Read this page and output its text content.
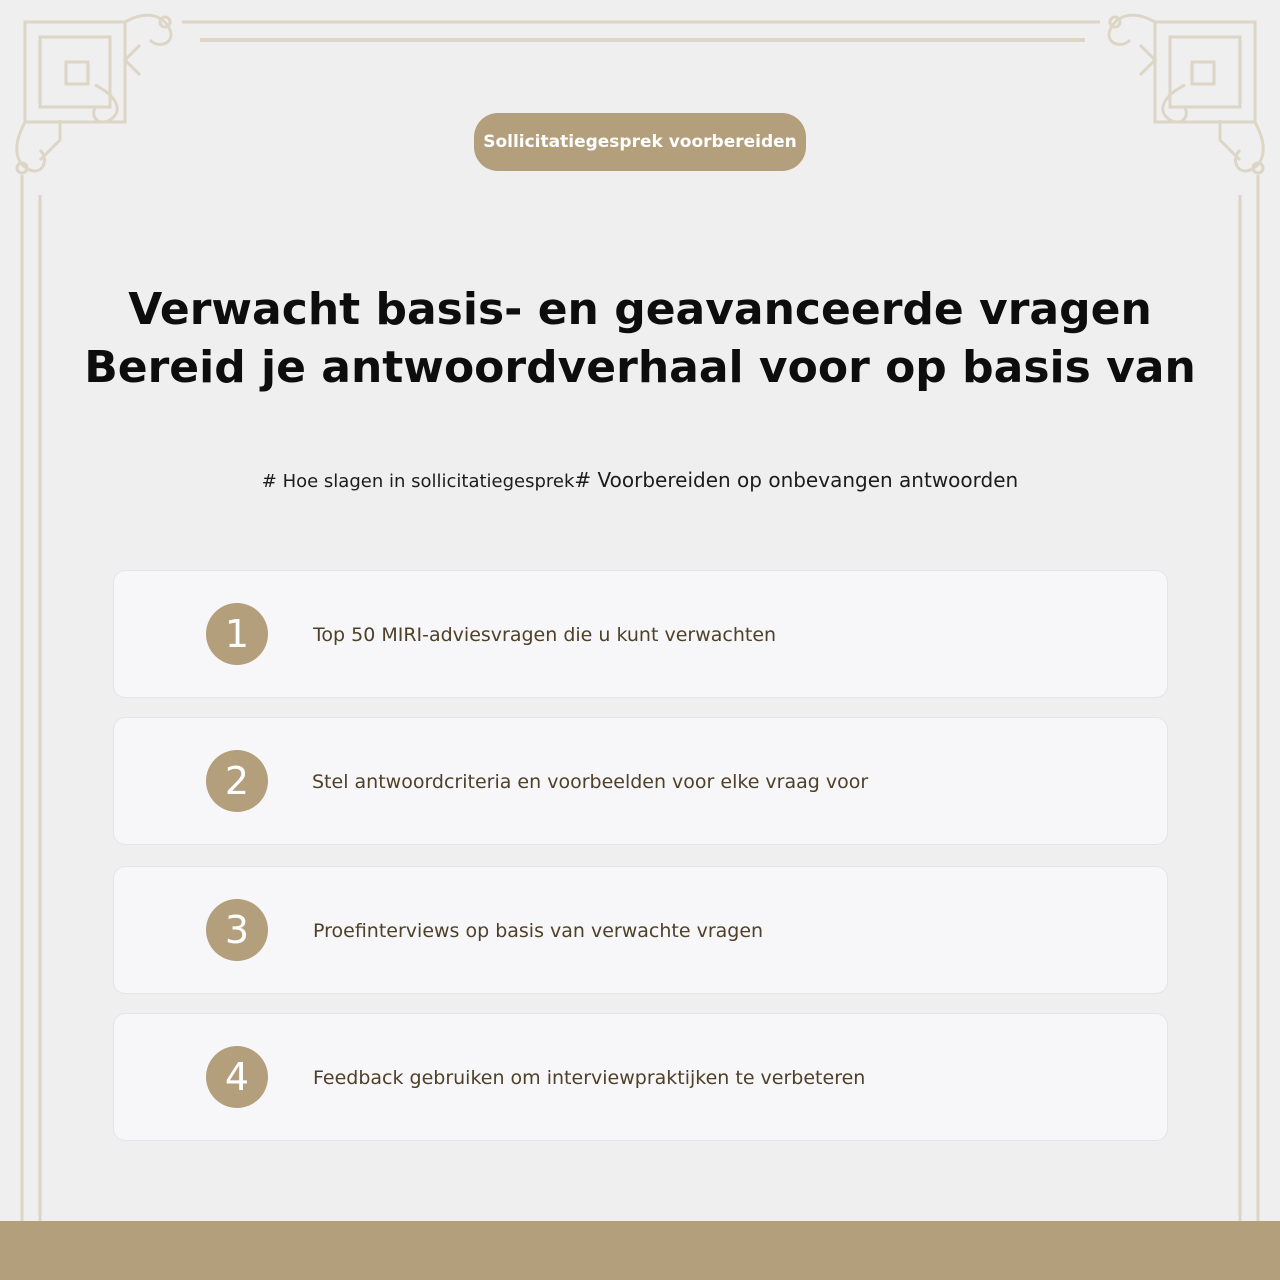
Sollicitatiegesprek voorbereiden
Verwacht basis- en geavanceerde vragen
Bereid je antwoordverhaal voor op basis van
# Hoe slagen in sollicitatiegesprek# Voorbereiden op onbevangen antwoorden
1	Top 50 MIRI-adviesvragen die u kunt verwachten
2	Stel antwoordcriteria en voorbeelden voor elke vraag voor
3	Proefinterviews op basis van verwachte vragen
4	Feedback gebruiken om interviewpraktijken te verbeteren
